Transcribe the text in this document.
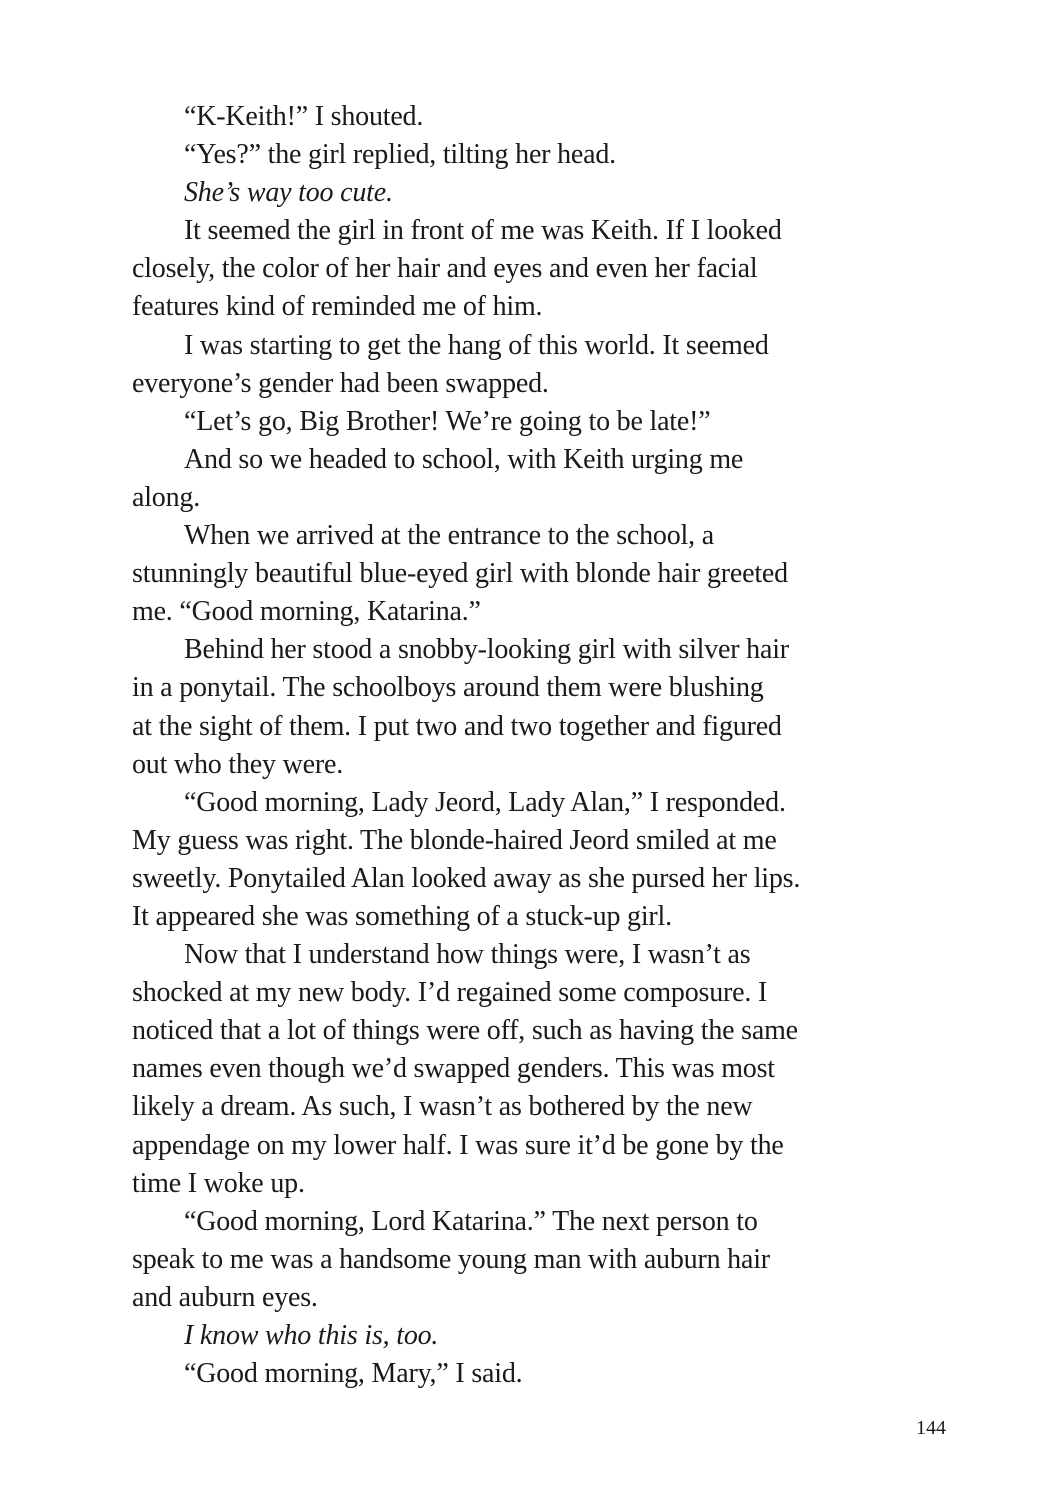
“K-Keith!” I shouted.
“Yes?” the girl replied, tilting her head.
She’s way too cute.
It seemed the girl in front of me was Keith. If I looked
closely, the color of her hair and eyes and even her facial
features kind of reminded me of him.
I was starting to get the hang of this world. It seemed
everyone’s gender had been swapped.
“Let’s go, Big Brother! We’re going to be late!”
And so we headed to school, with Keith urging me
along.
When we arrived at the entrance to the school, a
stunningly beautiful blue-eyed girl with blonde hair greeted
me. “Good morning, Katarina.”
Behind her stood a snobby-looking girl with silver hair
in a ponytail. The schoolboys around them were blushing
at the sight of them. I put two and two together and figured
out who they were.
“Good morning, Lady Jeord, Lady Alan,” I responded.
My guess was right. The blonde-haired Jeord smiled at me
sweetly. Ponytailed Alan looked away as she pursed her lips.
It appeared she was something of a stuck-up girl.
Now that I understand how things were, I wasn’t as
shocked at my new body. I’d regained some composure. I
noticed that a lot of things were off, such as having the same
names even though we’d swapped genders. This was most
likely a dream. As such, I wasn’t as bothered by the new
appendage on my lower half. I was sure it’d be gone by the
time I woke up.
“Good morning, Lord Katarina.” The next person to
speak to me was a handsome young man with auburn hair
and auburn eyes.
I know who this is, too.
“Good morning, Mary,” I said.
144
